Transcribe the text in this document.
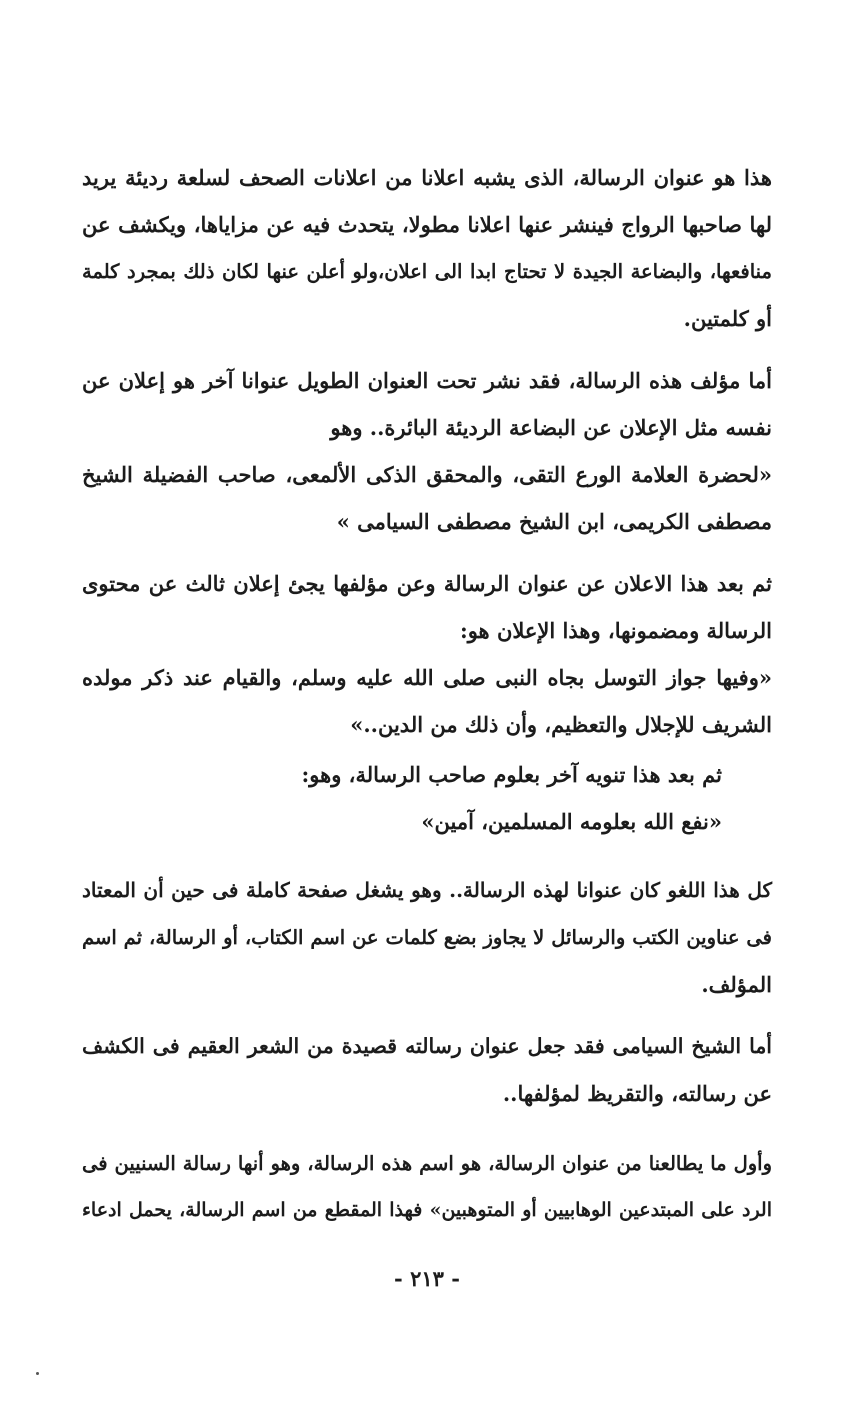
هذا هو عنوان الرسالة، الذى يشبه اعلانا من اعلانات الصحف لسلعة رديئة يريد
لها صاحبها الرواج فينشر عنها اعلانا مطولا، يتحدث فيه عن مزاياها، ويكشف عن
منافعها، والبضاعة الجيدة لا تحتاج ابدا الى اعلان،ولو أعلن عنها لكان ذلك بمجرد كلمة
أو كلمتين.
أما مؤلف هذه الرسالة، فقد نشر تحت العنوان الطويل عنوانا آخر هو إعلان عن
نفسه مثل الإعلان عن البضاعة الرديئة البائرة.. وهو
«لحضرة العلامة الورع التقى، والمحقق الذكى الألمعى، صاحب الفضيلة الشيخ
مصطفى الكريمى، ابن الشيخ مصطفى السيامى »
ثم بعد هذا الاعلان عن عنوان الرسالة وعن مؤلفها يجئ إعلان ثالث عن محتوى
الرسالة ومضمونها، وهذا الإعلان هو:
«وفيها جواز التوسل بجاه النبى صلى الله عليه وسلم، والقيام عند ذكر مولده
الشريف للإجلال والتعظيم، وأن ذلك من الدين..»
ثم بعد هذا تنويه آخر بعلوم صاحب الرسالة، وهو:
«نفع الله بعلومه المسلمين، آمين»
كل هذا اللغو كان عنوانا لهذه الرسالة.. وهو يشغل صفحة كاملة فى حين أن المعتاد
فى عناوين الكتب والرسائل لا يجاوز بضع كلمات عن اسم الكتاب، أو الرسالة، ثم اسم
المؤلف.
أما الشيخ السيامى فقد جعل عنوان رسالته قصيدة من الشعر العقيم فى الكشف
عن رسالته، والتقريظ لمؤلفها..
وأول ما يطالعنا من عنوان الرسالة، هو اسم هذه الرسالة، وهو أنها رسالة السنيين فى
الرد على المبتدعين الوهابيين أو المتوهبين» فهذا المقطع من اسم الرسالة، يحمل ادعاء
- ٢١٣ -
